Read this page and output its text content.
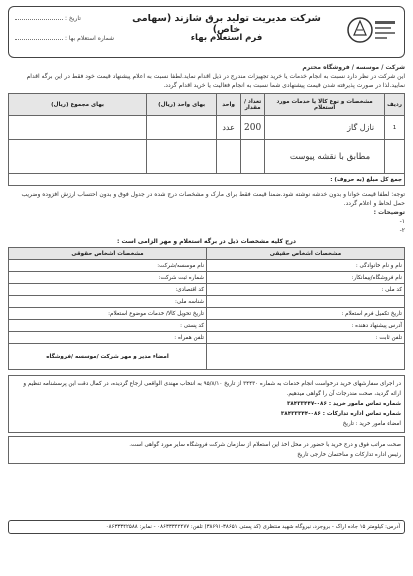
شرکت مدیریت تولید برق شازند (سهامی خاص)
فرم استعلام بهاء
تاریخ :
شماره استعلام بها :
شرکت / موسسه / فروشگاه محترم
این شرکت در نظر دارد نسبت به انجام خدمات یا خرید تجهیزات مندرج در ذیل اقدام نماید.لطفا نسبت به اعلام پیشنهاد قیمت خود فقط در این برگه اقدام نمایید.لذا در صورت پذیرفته شدن قیمت پیشنهادی شما نسبت به انجام فعالیت یا خرید اقدام گردد.
ردیف	مشخصات و نوع کالا یا خدمات مورد استعلام	تعداد / مقدار	واحد	بهای واحد (ریال)	بهای مجموع (ریال)
1	نازل گاز	200	عدد		
	مطابق با نقشه پیوست				
جمع کل مبلغ (به حروف) :					
توجه: لطفا قیمت خوانا و بدون خدشه نوشته شود.ضمنا قیمت فقط برای مارک و مشخصات درج شده در جدول فوق و بدون احتساب ارزش افزوده وضریب حمل لحاظ و اعلام گردد.
توضیحات :
۱-
۲-
درج کلیه مشخصات ذیل در برگه استعلام و مهر الزامی است :
مشخصات اشخاص حقیقی	مشخصات اشخاص حقوقی
نام و نام خانوادگی :	نام موسسه/شرکت:
نام فروشگاه/پیمانکار:	شماره ثبت شرکت:
کد ملی :	کد اقتصادی:
	شناسه ملی:
تاریخ تکمیل فرم استعلام :	تاریخ تحویل کالا/ خدمات موضوع استعلام:
آدرس پیشنهاد دهنده :	کد پستی :
تلفن ثابت :	تلفن همراه :
	امضاء مدیر و مهر شرکت /موسسه /فروشگاه
در اجرای سفارشهای خرید درخواست انجام خدمات به شماره ۳۴۴۳۰ از تاریخ ۹۵/۸/۱۰ به انتخاب مهندی الواقعی ارجاع گردیده، در کمال دقت این پرسشنامه تنظیم و ارائه گردید، صحت مندرجات آن را گواهی میدهیم.
شماره تماس مامور خرید : ۰۸۶-۳۸۴۳۳۴۴۷
شماره تماس اداره تدارکات : ۰۸۶-۳۸۴۳۳۳۴۴
امضاء مامور خرید : تاریخ
صحت مراتب فوق و درج خرید با حضور در محل اخذ این استعلام از سازمان شرکت فروشگاه سایر مورد گواهی است.
رئیس اداره تدارکات و ساختمان خارجی تاریخ
آدرس: کیلومتر ۱۵ جاده اراک - بروجرد، نیروگاه شهید منتظری (کد پستی ۳۸۶۵۱-۳۸۶۹۱) تلفن: ۰۸۶۳۳۳۴۲۴۷۷ - نمابر: ۰۸۶۳۳۳۴۲۵۸۸
